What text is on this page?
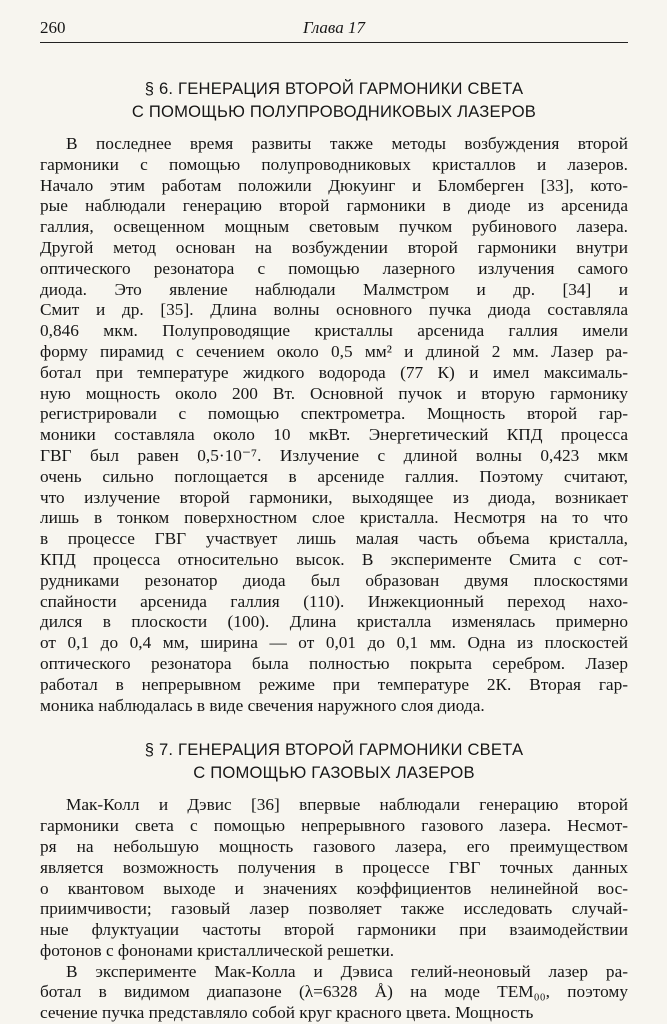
260	Глава 17
§ 6. ГЕНЕРАЦИЯ ВТОРОЙ ГАРМОНИКИ СВЕТА
С ПОМОЩЬЮ ПОЛУПРОВОДНИКОВЫХ ЛАЗЕРОВ
В последнее время развиты также методы возбуждения второй
гармоники с помощью полупроводниковых кристаллов и лазеров.
Начало этим работам положили Дюкуинг и Бломберген [33], кото-
рые наблюдали генерацию второй гармоники в диоде из арсенида
галлия, освещенном мощным световым пучком рубинового лазера.
Другой метод основан на возбуждении второй гармоники внутри
оптического резонатора с помощью лазерного излучения самого
диода. Это явление наблюдали Малмстром и др. [34] и
Смит и др. [35]. Длина волны основного пучка диода составляла
0,846 мкм. Полупроводящие кристаллы арсенида галлия имели
форму пирамид с сечением около 0,5 мм² и длиной 2 мм. Лазер ра-
ботал при температуре жидкого водорода (77 К) и имел максималь-
ную мощность около 200 Вт. Основной пучок и вторую гармонику
регистрировали с помощью спектрометра. Мощность второй гар-
моники составляла около 10 мкВт. Энергетический КПД процесса
ГВГ был равен 0,5·10⁻⁷. Излучение с длиной волны 0,423 мкм
очень сильно поглощается в арсениде галлия. Поэтому считают,
что излучение второй гармоники, выходящее из диода, возникает
лишь в тонком поверхностном слое кристалла. Несмотря на то что
в процессе ГВГ участвует лишь малая часть объема кристалла,
КПД процесса относительно высок. В эксперименте Смита с сот-
рудниками резонатор диода был образован двумя плоскостями
спайности арсенида галлия (110). Инжекционный переход нахо-
дился в плоскости (100). Длина кристалла изменялась примерно
от 0,1 до 0,4 мм, ширина — от 0,01 до 0,1 мм. Одна из плоскостей
оптического резонатора была полностью покрыта серебром. Лазер
работал в непрерывном режиме при температуре 2К. Вторая гар-
моника наблюдалась в виде свечения наружного слоя диода.
§ 7. ГЕНЕРАЦИЯ ВТОРОЙ ГАРМОНИКИ СВЕТА
С ПОМОЩЬЮ ГАЗОВЫХ ЛАЗЕРОВ
Мак-Колл и Дэвис [36] впервые наблюдали генерацию второй
гармоники света с помощью непрерывного газового лазера. Несмот-
ря на небольшую мощность газового лазера, его преимуществом
является возможность получения в процессе ГВГ точных данных
о квантовом выходе и значениях коэффициентов нелинейной вос-
приимчивости; газовый лазер позволяет также исследовать случай-
ные флуктуации частоты второй гармоники при взаимодействии
фотонов с фононами кристаллической решетки.
В эксперименте Мак-Колла и Дэвиса гелий-неоновый лазер ра-
ботал в видимом диапазоне (λ=6328 Å) на моде TEM₀₀, поэтому
сечение пучка представляло собой круг красного цвета. Мощность
